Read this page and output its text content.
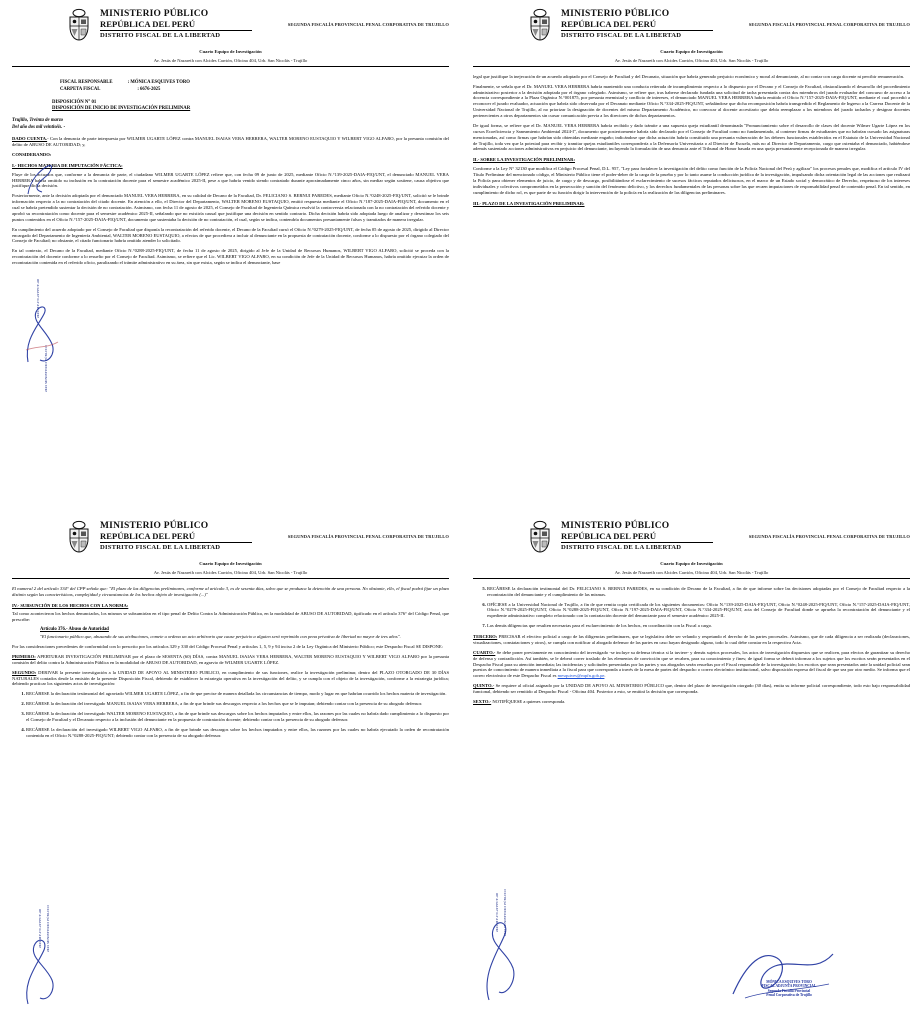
SEGUNDA FISCALÍA PROVINCIAL PENAL CORPORATIVA DE TRUJILLO
MINISTERIO PÚBLICO
REPÚBLICA DEL PERÚ
DISTRITO FISCAL DE LA LIBERTAD
Cuarto Equipo de Investigación
Av. Jesús de Nazareth con Alcides Carrión, Oficina 404, Urb. San Nicolás - Trujillo
FISCAL RESPONSABLE	: MÓNICA ESQUIVES TORO
CARPETA FISCAL	: 6676-2025
DISPOSICIÓN N° 01
DISPOSICIÓN DE INICIO DE INVESTIGACIÓN PRELIMINAR
Trujillo, Treinta de marzo
Del año dos mil veintiséis. -

DADO CUENTA.- Con la denuncia de parte interpuesta por WILMER UGARTE LÓPEZ contra MANUEL ISAIAS VERA HERRERA, WALTER MORENO EUSTAQUIO Y WILBERT VIGO ALFARO, por la presunta comisión del delito de ABUSO DE AUTORIDAD; y,

CONSIDERANDO:

I.- HECHOS MATERIA DE IMPUTACIÓN FÁCTICA:

Fluye de los actuados que, conforme a la denuncia de parte, el ciudadano WILMER UGARTE LÓPEZ refiere que, con fecha 09 de junio de 2025, mediante Oficio N.°139-2025-DAIA-FIQ/UNT, el denunciado MANUEL VERA HERRERA habría omitido su inclusión en la contratación docente para el semestre académico 2025-II, pese a que habría venido siendo contratado durante aproximadamente cinco años, sin mediar según sostiene, causa objetiva que justifique dicha decisión.

Posteriormente, ante la decisión adoptada por el denunciado MANUEL VERA HERRERA, en su calidad de Decano de la Facultad, Dr. FELICIANO S. BERNUI PAREDES, mediante Oficio N.°0248-2025-FIQ/UNT, solicitó se le brinde información respecto a la no contratación del citado docente. En atención a ello, el Director del Departamento, WALTER MORENO EUSTAQUIO, emitió respuesta mediante el Oficio N.°187-2025-DAIA-FIQ/UNT, documento en el cual se habría pretendido sustentar la decisión de no contratación. Asimismo, con fecha 11 de agosto de 2025, el Consejo de Facultad de Ingeniería Química resolvió la controversia relacionada con la no contratación del referido docente y aprobó su recontratación como docente para el semestre académico 2025-II, señalando que no existiría causal que justifique una decisión en sentido contrario. Dicha decisión habría sido adoptada luego de analizar y desestimar los seis puntos contenidos en el Oficio N.°157-2025-DAIA-FIQ/UNT, documento que sustentaba la decisión de no contratación, el cual, según se indica, contendría documentos presuntamente falsos y tramitados de manera irregular.

En cumplimiento del acuerdo adoptado por el Consejo de Facultad que disponía la recontratación del referido docente, el Decano de la Facultad cursó el Oficio N.°0279-2025-FIQ/UNT, de fecha 05 de agosto de 2025, dirigido al Director encargado del Departamento de Ingeniería Ambiental, WALTER MORENO EUSTAQUIO, a efectos de que procediera a incluir al denunciante en la propuesta de contratación docente, conforme a lo dispuesto por el órgano colegiado del Consejo de Facultad; no obstante, el citado funcionario habría omitido atender lo solicitado.

En tal contexto, el Decano de la Facultad, mediante Oficio N.°0288-2025-FIQ/UNT, de fecha 11 de agosto de 2025, dirigido al Jefe de la Unidad de Recursos Humanos, WILBERT VIGO ALFARO, solicitó se proceda con la recontratación del docente conforme a lo resuelto por el Consejo de Facultad. Asimismo, se refiere que el Lic. WILBERT VIGO ALFARO, en su condición de Jefe de la Unidad de Recursos Humanos, habría omitido ejecutar la orden de recontratación contenida en el referido oficio, paralizando el trámite administrativo en su área, sin que exista, según se indica el denunciante, base

2025-MP-FN-2FPPCT-4D
2025 MINISTERIO PÚBLICO
SEGUNDA FISCALÍA PROVINCIAL PENAL CORPORATIVA DE TRUJILLO
MINISTERIO PÚBLICO
REPÚBLICA DEL PERÚ
DISTRITO FISCAL DE LA LIBERTAD
Cuarto Equipo de Investigación
Av. Jesús de Nazareth con Alcides Carrión, Oficina 404, Urb. San Nicolás - Trujillo

legal que justifique la inejecución de un acuerdo adoptado por el Consejo de Facultad y del Decanato, situación que habría generado perjuicio económico y moral al denunciante, al no contar con carga docente ni percibir remuneración.

Finalmente, se señala que el Dr. MANUEL VERA HERRERA habría mantenido una conducta reiterada de incumplimiento respecto a lo dispuesto por el Decano y el Consejo de Facultad, obstaculizando el desarrollo del procedimiento administrativo posterior a la decisión adoptada por el órgano colegiado. Asimismo, se refiere que, tras haberse declarado fundada una solicitud de tacha presentada contra dos miembros del jurado evaluador del concurso de acceso a la docencia correspondiente a la Plaza Orgánica N.°001875, por presunta enemistad y conflicto de intereses, el denunciado MANUEL VERA HERRERA habría emitido el Oficio N.°157-2025-DAIA-FIQ/UNT, mediante el cual procedió a reconocer el jurado evaluador, actuación que habría sido observada por el Decanato mediante Oficio N.°334-2025-FIQ/UNT, señalándose que dicha recomposición habría transgredido el Reglamento de Ingreso a la Carrera Docente de la Universidad Nacional de Trujillo, al no priorizar la designación de docentes del mismo Departamento Académico, no convocar al docente accesitario que debía reemplazar a los miembros del jurado tachados y designar docentes pertenecientes a otros departamentos sin cursar comunicación previa a los directores de dichos departamentos.

De igual forma, se refiere que el Dr. MANUEL VERA HERRERA habría recibido y dado trámite a una supuesta queja estudiantil denominada "Pronunciamiento sobre el desarrollo de clases del docente Wilmer Ugarte López en los cursos Ecoeficiencia y Saneamiento Ambiental 2024-I", documento que posteriormente habría sido declarado por el Consejo de Facultad como no fundamentado, al contener firmas de estudiantes que no habrían cursado las asignaturas mencionadas, así como firmas que habrían sido obtenidas mediante engaño; indicándose que dicha actuación habría constituido una presunta vulneración de los deberes funcionales establecidos en el Estatuto de la Universidad Nacional de Trujillo, toda vez que la potestad para recibir y tramitar quejas estudiantiles correspondería a la Defensoría Universitaria o al Director de Escuela, más no al Director de Departamento, cargo que ostentaba el denunciado, habiéndose además sustentado acciones administrativas en perjuicio del denunciante, incluyendo la formulación de una denuncia ante el Tribunal de Honor basada en una queja presuntamente recepcionada de manera irregular.

II.- SOBRE LA INVESTIGACIÓN PRELIMINAR:

Conforme a la Ley N° 32130 que modifica el Código Procesal Penal, D.L. 957, "Ley para fortalecer la investigación del delito como función de la Policía Nacional del Perú y agilizar" los procesos penales que, modifica el artículo IV del Título Preliminar del mencionado código, el Ministerio Público tiene el poder-deber de la carga de la prueba y por lo tanto asume la conducción jurídica de la investigación, impulsando dicha orientación legal de las acciones que realizará la Policía para obtener elementos de juicio, de cargo y de descargo, posibilitándose el esclarecimiento de sucesos fácticos reputados delictuosos, en el marco de un Estado social y democrático de Derecho, respetuoso de los intereses individuales y colectivos comprometidos en la persecución y sanción del fenómeno delictivo, y los derechos fundamentales de las personas sobre las que recaen imputaciones de responsabilidad penal de contenido penal. En tal sentido, en cumplimiento de dicho rol, es que parte de su función dirigir la intervención de la policía en la realización de las diligencias preliminares.

III.- PLAZO DE LA INVESTIGACIÓN PRELIMINAR:

SEGUNDA FISCALÍA PROVINCIAL PENAL CORPORATIVA DE TRUJILLO
MINISTERIO PÚBLICO
REPÚBLICA DEL PERÚ
DISTRITO FISCAL DE LA LIBERTAD
Cuarto Equipo de Investigación
Av. Jesús de Nazareth con Alcides Carrión, Oficina 404, Urb. San Nicolás - Trujillo

El numeral 2 del artículo 334° del CPP señala que: "El plazo de las diligencias preliminares, conforme al artículo 3, es de sesenta días, salvo que se produzca la detención de una persona. No obstante, ello, el fiscal podrá fijar un plazo distinto según las características, complejidad y circunstancias de los hechos objeto de investigación (...)"

IV.- SUBSUNCIÓN DE LOS HECHOS CON LA NORMA:

Tal como acontecieron los hechos denunciados, los mismos se subsumirían en el tipo penal de Delito Contra la Administración Pública, en la modalidad de ABUSO DE AUTORIDAD, tipificado en el artículo 376° del Código Penal, que prescribe:

Artículo 376.- Abuso de Autoridad
"El funcionario público que, abusando de sus atribuciones, comete u ordena un acto arbitrario que cause perjuicio a alguien será reprimido con pena privativa de libertad no mayor de tres años".

Por las consideraciones precedentes de conformidad con lo prescrito por los artículos 329 y 330 del Código Procesal Penal y artículos 1, 5, 9 y 94 inciso 2 de la Ley Orgánica del Ministerio Público; este Despacho Fiscal SE DISPONE:

PRIMERO: APERTURAR INVESTIGACIÓN PRELIMINAR por el plazo de SESENTA (60) DÍAS, contra MANUEL ISAIAS VERA HERRERA, WALTER MORENO EUSTAQUIO Y WILBERT VIGO ALFARO por la presunta comisión del delito contra la Administración Pública en la modalidad de ABUSO DE AUTORIDAD, en agravio de WILMER UGARTE LÓPEZ.

SEGUNDO: DERIVAR la presente investigación a la UNIDAD DE APOYO AL MINISTERIO PUBLICO, en cumplimiento de sus funciones, realice la investigación preliminar, dentro del PLAZO OTORGADO DE 30 DÍAS NATURALES contados desde la emisión de la presente Disposición Fiscal, debiendo de establecer la estrategia operativa en la investigación del delito, y se cumpla con el objeto de la investigación, conforme a la estrategia jurídica; debiendo practicar los siguientes actos de investigación:

1. RECÁBESE la declaración testimonial del agraviado WILMER UGARTE LÓPEZ, a fin de que precise de manera detallada las circunstancias de tiempo, modo y lugar en que habrían ocurrido los hechos materia de investigación.
2. RECÁBESE la declaración del investigado MANUEL ISAIAS VERA HERRERA, a fin de que brinde sus descargos respecto a los hechos que se le imputan; debiendo contar con la presencia de su abogado defensor.
3. RECÁBESE la declaración del investigado WALTER MORENO EUSTAQUIO, a fin de que brinde sus descargos sobre los hechos imputados y entre ellos, las razones por las cuales no habría dado cumplimiento a lo dispuesto por el Consejo de Facultad y el Decanato respecto a la inclusión del denunciante en la propuesta de contratación docente; debiendo contar con la presencia de su abogado defensor.
4. RECÁBESE la declaración del investigado WILBERT VIGO ALFARO, a fin de que brinde sus descargos sobre los hechos imputados y entre ellos, las razones por las cuales no habría ejecutado la orden de recontratación contenida en el Oficio N.°0288-2025-FIQ/UNT; debiendo contar con la presencia de su abogado defensor.
2025-MP-FN-2FPPCT-4D 2025 MINISTERIO PÚBLICO
SEGUNDA FISCALÍA PROVINCIAL PENAL CORPORATIVA DE TRUJILLO
MINISTERIO PÚBLICO
REPÚBLICA DEL PERÚ
DISTRITO FISCAL DE LA LIBERTAD
Cuarto Equipo de Investigación
Av. Jesús de Nazareth con Alcides Carrión, Oficina 404, Urb. San Nicolás - Trujillo
5. RECÁBESE la declaración testimonial del Dr. FELICIANO S. BERNUI PAREDES, en su condición de Decano de la Facultad, a fin de que informe sobre las decisiones adoptadas por el Consejo de Facultad respecto a la recontratación del denunciante y el cumplimiento de las mismas.
6. OFÍCIESE a la Universidad Nacional de Trujillo, a fin de que remita copia certificada de los siguientes documentos: Oficio N.°139-2025-DAIA-FIQ/UNT, Oficio N.°0248-2025-FIQ/UNT, Oficio N.°157-2025-DAIA-FIQ/UNT, Oficio N.°0279-2025-FIQ/UNT, Oficio N.°0288-2025-FIQ/UNT, Oficio N.°197-2025-DAIA-FIQ/UNT, Oficio N.°334-2025-FIQ/UNT, acta del Consejo de Facultad donde se aprueba la recontratación del denunciante y el expediente administrativo completo relacionado con la contratación docente del denunciante para el semestre académico 2025-II.
7. Las demás diligencias que resulten necesarias para el esclarecimiento de los hechos, en coordinación con la Fiscal a cargo.

TERCERO: PRECISAR el efectivo policial a cargo de las diligencias preliminares, que se legislativa debe ser velando y respetando el derecho de las partes procesales. Asimismo, que de cada diligencia a ser realizada (declaraciones, visualizaciones, constataciones y otros), se cumpla con notificar al abogado defensor de las partes en caso hayan designado alguno, todo lo cual debe constar en la respectiva Acta.

CUARTO.- Se debe poner previamente en conocimiento del investigado -se incluye su defensa técnica si la tuviere- y demás sujetos procesales, los actos de investigación dispuestos que se realicen, para efectos de garantizar su derecho de defensa y contradicción. Así también, se le deberá correr traslado de los elementos de convicción que se recaben, para su conocimiento y fines; de igual forma se deberá informar a los sujetos que los escritos serán presentados en el Despacho Fiscal para su atención inmediata; las incidencias y solicitudes presentadas por las partes y sus abogados serán resueltas por el Fiscal responsable de la investigación; los escritos que sean presentados ante la unidad policial sean puestos de conocimiento de manera inmediata a la fiscal para que corresponda a través de la mesa de partes del despacho o correo electrónico institucional, salvo disposición expresa del fiscal de que sea por otro medio. Se informa que el correo electrónico de este Despacho Fiscal es mesquives@mpfn.gob.pe.

QUINTO.- Se requiere al oficial asignado por la UNIDAD DE APOYO AL MINISTERIO PÚBLICO que, dentro del plazo de investigación otorgado (30 días), emita su informe policial correspondiente, todo esto bajo responsabilidad funcional, debiendo ser remitido al Despacho Fiscal - Oficina 404. Posterior a esto, se emitirá la decisión que corresponda.

SEXTO.- NOTIFÍQUESE a quienes corresponda.

2025-MP-FN-2FPPCT-4D 2025 MINISTERIO PÚBLICO
MÓNICA ESQUIVES TORO
FISCAL ADJUNTA PROVINCIAL
Segunda Fiscalía Provincial
Penal Corporativa de Trujillo
